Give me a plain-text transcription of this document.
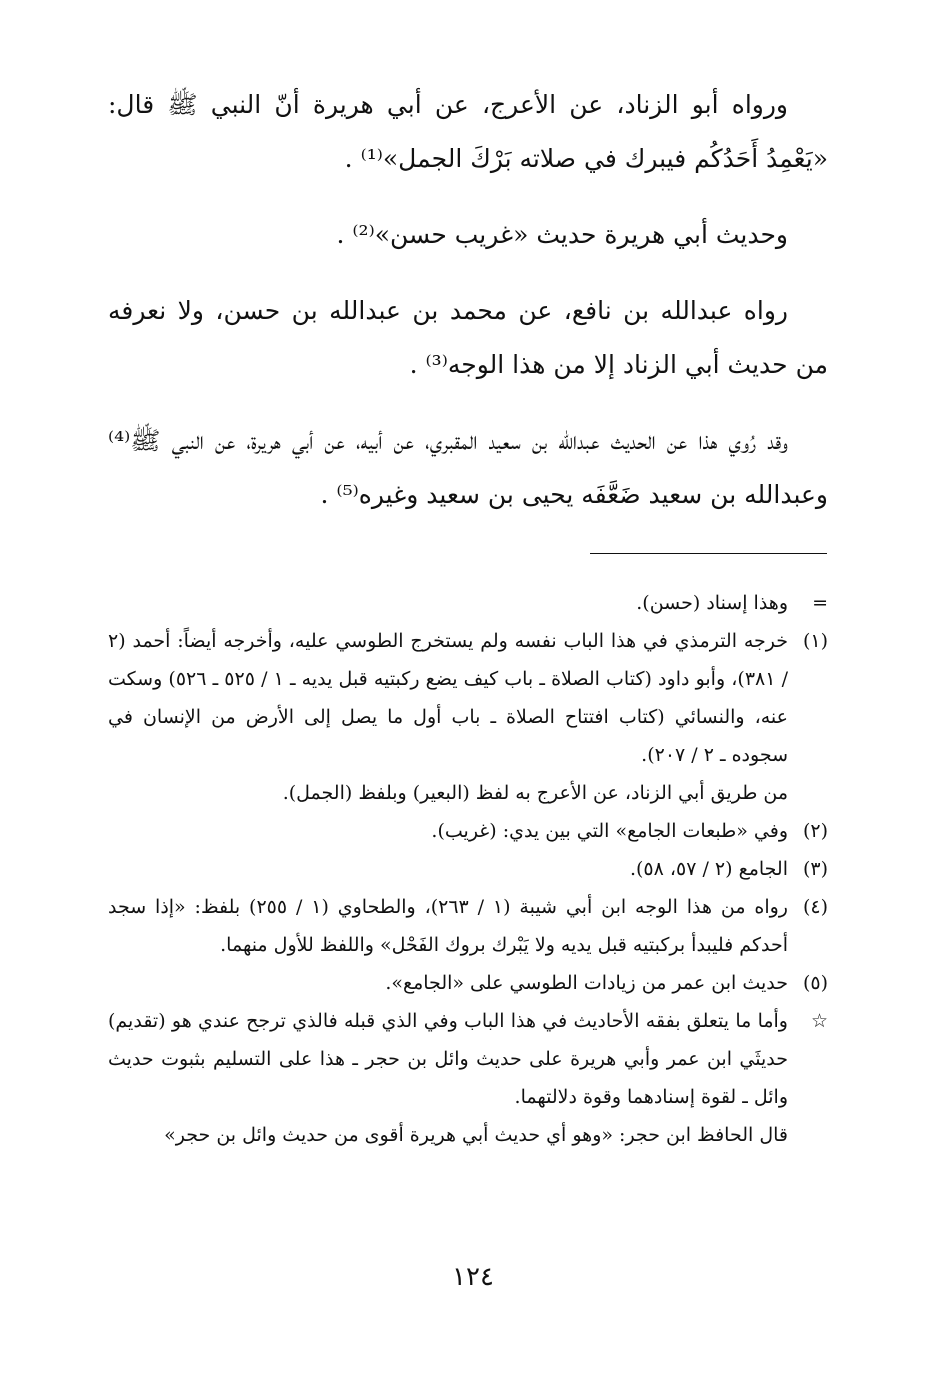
ورواه أبو الزناد، عن الأعرج، عن أبي هريرة أنّ النبي ﷺ قال: «يَعْمِدُ أَحَدُكُم فيبرك في صلاته بَرْكَ الجمل»⁽¹⁾ .

وحديث أبي هريرة حديث «غريب حسن»⁽²⁾ .

رواه عبدالله بن نافع، عن محمد بن عبدالله بن حسن، ولا نعرفه من حديث أبي الزناد إلا من هذا الوجه⁽³⁾ .

وقد رُوي هذا عن الحديث عبدالله بن سعيد المقبري، عن أبيه، عن أبي هريرة، عن النبي ﷺ⁽⁴⁾ وعبدالله بن سعيد ضَعَّفَه يحيى بن سعيد وغيره⁽⁵⁾ .

=
وهذا إسناد (حسن).

(١)
خرجه الترمذي في هذا الباب نفسه ولم يستخرج الطوسي عليه، وأخرجه أيضاً: أحمد (٢ / ٣٨١)، وأبو داود (كتاب الصلاة ـ باب كيف يضع ركبتيه قبل يديه ـ ١ / ٥٢٥ ـ ٥٢٦) وسكت عنه، والنسائي (كتاب افتتاح الصلاة ـ باب أول ما يصل إلى الأرض من الإنسان في سجوده ـ ٢ / ٢٠٧).

من طريق أبي الزناد، عن الأعرج به لفظ (البعير) وبلفظ (الجمل).

(٢)
وفي «طبعات الجامع» التي بين يدي: (غريب).

(٣)
الجامع (٢ / ٥٧، ٥٨).

(٤)
رواه من هذا الوجه ابن أبي شيبة (١ / ٢٦٣)، والطحاوي (١ / ٢٥٥) بلفظ: «إذا سجد أحدكم فليبدأ بركبتيه قبل يديه ولا يَبْرك بروك الفَحْل» واللفظ للأول منهما.

(٥)
حديث ابن عمر من زيادات الطوسي على «الجامع».

☆
وأما ما يتعلق بفقه الأحاديث في هذا الباب وفي الذي قبله فالذي ترجح عندي هو (تقديم) حديثَي ابن عمر وأبي هريرة على حديث وائل بن حجر ـ هذا على التسليم بثبوت حديث وائل ـ لقوة إسنادهما وقوة دلالتهما.

قال الحافظ ابن حجر: «وهو أي حديث أبي هريرة أقوى من حديث وائل بن حجر»

١٢٤
